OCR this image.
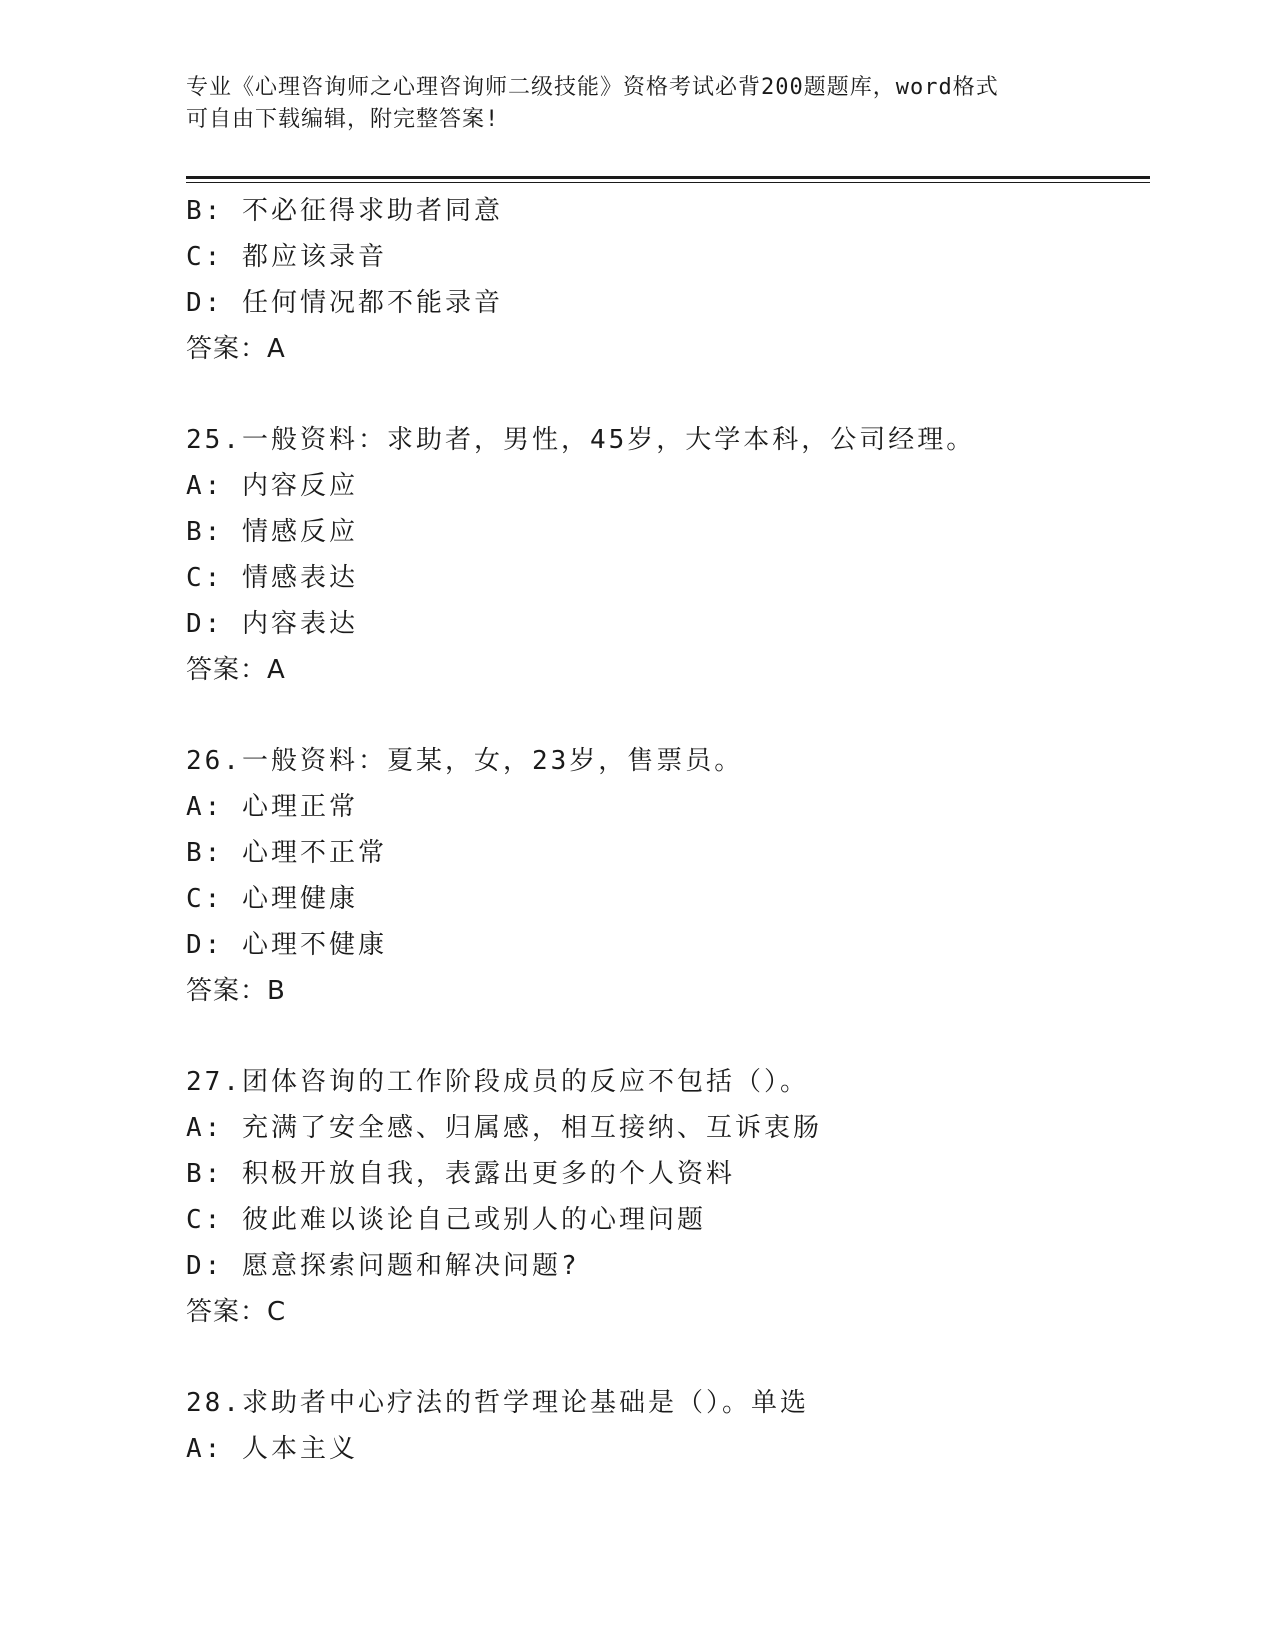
专业《心理咨询师之心理咨询师二级技能》资格考试必背200题题库，word格式
可自由下载编辑，附完整答案!
B: 不必征得求助者同意
C: 都应该录音
D: 任何情况都不能录音
答案：A
25.一般资料：求助者，男性，45岁，大学本科，公司经理。
A: 内容反应
B: 情感反应
C: 情感表达
D: 内容表达
答案：A
26.一般资料：夏某，女，23岁，售票员。
A: 心理正常
B: 心理不正常
C: 心理健康
D: 心理不健康
答案：B
27.团体咨询的工作阶段成员的反应不包括（）。
A: 充满了安全感、归属感，相互接纳、互诉衷肠
B: 积极开放自我，表露出更多的个人资料
C: 彼此难以谈论自己或别人的心理问题
D: 愿意探索问题和解决问题?
答案：C
28.求助者中心疗法的哲学理论基础是（）。单选
A: 人本主义
